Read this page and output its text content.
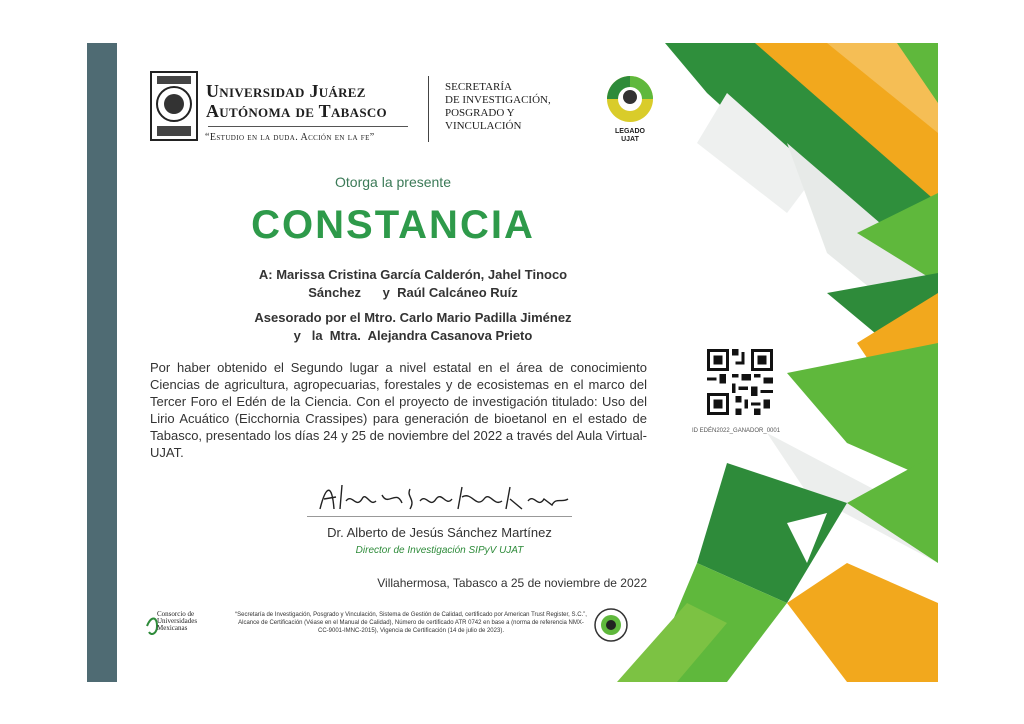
Universidad Juárez
Autónoma de Tabasco
“Estudio en la duda. Acción en la fe”
SECRETARÍA
DE INVESTIGACIÓN,
POSGRADO Y
VINCULACIÓN	LEGADO
UJAT
Otorga la presente
CONSTANCIA
A: Marissa Cristina García Calderón, Jahel Tinoco
Sánchez      y  Raúl Calcáneo Ruíz
Asesorado por el Mtro. Carlo Mario Padilla Jiménez
y   la  Mtra.  Alejandra Casanova Prieto
Por haber obtenido el Segundo lugar a nivel estatal en el área de conocimiento Ciencias de agricultura, agropecuarias, forestales y de ecosistemas en el marco del Tercer Foro el Edén de la Ciencia. Con el proyecto de investigación titulado: Uso del Lirio Acuático (Eicchornia Crassipes) para generación de bioetanol en el estado de Tabasco, presentado los días 24 y 25 de noviembre del 2022 a través del Aula Virtual-UJAT.
Dr. Alberto de Jesús Sánchez Martínez
Director de Investigación SIPyV UJAT
Villahermosa, Tabasco a 25 de noviembre de 2022
Consorcio de
Universidades
Mexicanas
“Secretaría de Investigación, Posgrado y Vinculación, Sistema de Gestión de Calidad, certificado por American Trust Register, S.C.”, Alcance de Certificación (Véase en el Manual de Calidad), Número de certificado ATR 0742 en base a (norma de referencia NMX-CC-9001-IMNC-2015), Vigencia de Certificación (14 de julio de 2023).
ID EDÉN2022_GANADOR_0001
